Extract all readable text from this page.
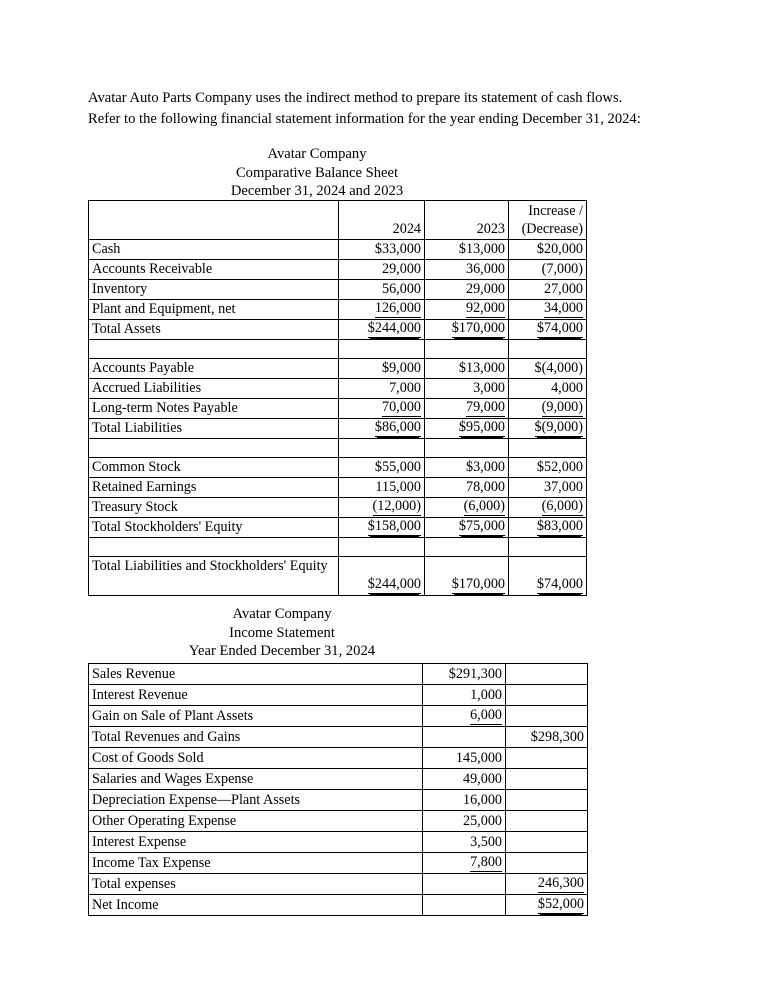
Avatar Auto Parts Company uses the indirect method to prepare its statement of cash flows.
Refer to the following financial statement information for the year ending December 31, 2024:
Avatar Company
Comparative Balance Sheet
December 31, 2024 and 2023
	2024	2023	Increase /
(Decrease)

Cash	$33,000	$13,000	$20,000
Accounts Receivable	29,000	36,000	(7,000)
Inventory	56,000	29,000	27,000
Plant and Equipment, net	126,000	92,000	34,000
Total Assets	$244,000	$170,000	$74,000

Accounts Payable	$9,000	$13,000	$(4,000)
Accrued Liabilities	7,000	3,000	4,000
Long-term Notes Payable	70,000	79,000	(9,000)
Total Liabilities	$86,000	$95,000	$(9,000)

Common Stock	$55,000	$3,000	$52,000
Retained Earnings	115,000	78,000	37,000
Treasury Stock	(12,000)	(6,000)	(6,000)
Total Stockholders' Equity	$158,000	$75,000	$83,000

Total Liabilities and Stockholders' Equity	$244,000	$170,000	$74,000
Avatar Company
Income Statement
Year Ended December 31, 2024
Sales Revenue	$291,300	
Interest Revenue	1,000	
Gain on Sale of Plant Assets	6,000	
Total Revenues and Gains		$298,300
Cost of Goods Sold	145,000	
Salaries and Wages Expense	49,000	
Depreciation Expense—Plant Assets	16,000	
Other Operating Expense	25,000	
Interest Expense	3,500	
Income Tax Expense	7,800	
Total expenses		246,300
Net Income		$52,000
